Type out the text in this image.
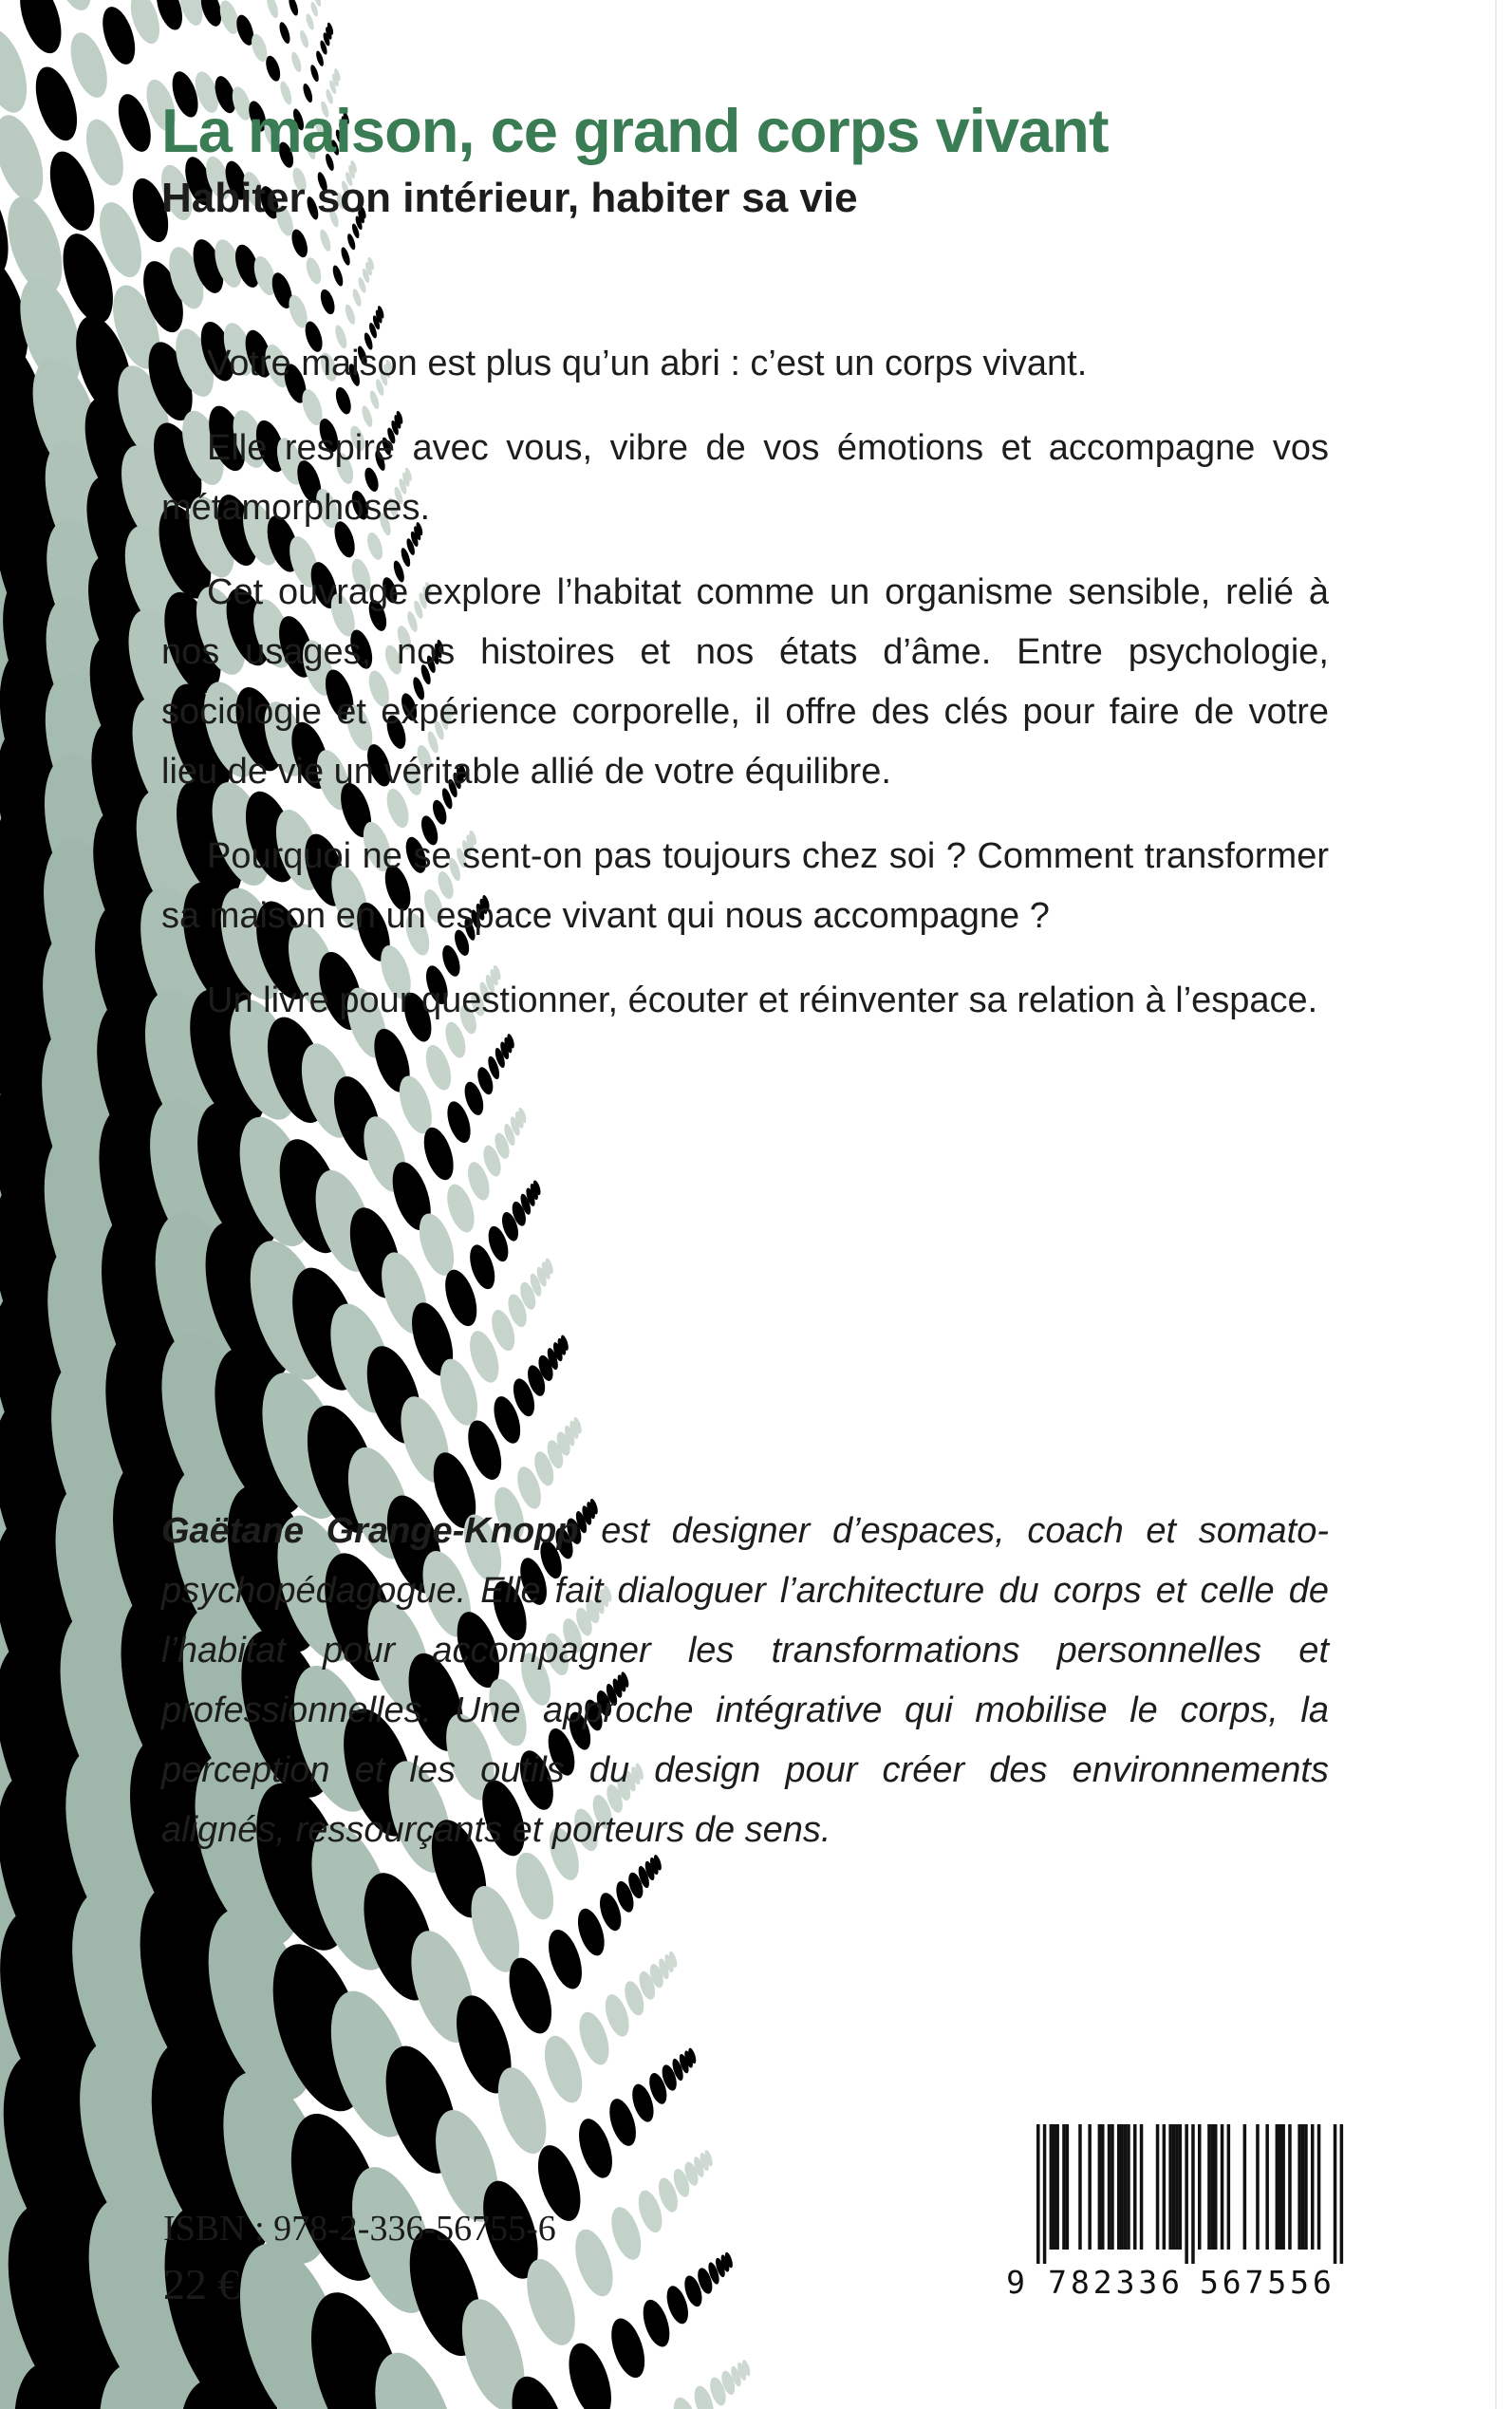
La maison, ce grand corps vivant
Habiter son intérieur, habiter sa vie

Votre maison est plus qu’un abri : c’est un corps vivant.

Elle respire avec vous, vibre de vos émotions et accompagne vos métamorphoses.

Cet ouvrage explore l’habitat comme un organisme sensible, relié à nos usages, nos histoires et nos états d’âme. Entre psychologie, sociologie et expérience corporelle, il offre des clés pour faire de votre lieu de vie un véritable allié de votre équilibre.

Pourquoi ne se sent-on pas toujours chez soi ? Comment transformer sa maison en un espace vivant qui nous accompagne ?

Un livre pour questionner, écouter et réinventer sa relation à l’espace.

Gaëtane Grange-Knopp est designer d’espaces, coach et somato-psychopédagogue. Elle fait dialoguer l’architecture du corps et celle de l’habitat pour accompagner les transformations personnelles et professionnelles. Une approche intégrative qui mobilise le corps, la perception et les outils du design pour créer des environnements alignés, ressourçants et porteurs de sens.
ISBN : 978-2-336-56755-6
22 €	9 7 8 2 3 3 6 5 6 7 5 5 6
